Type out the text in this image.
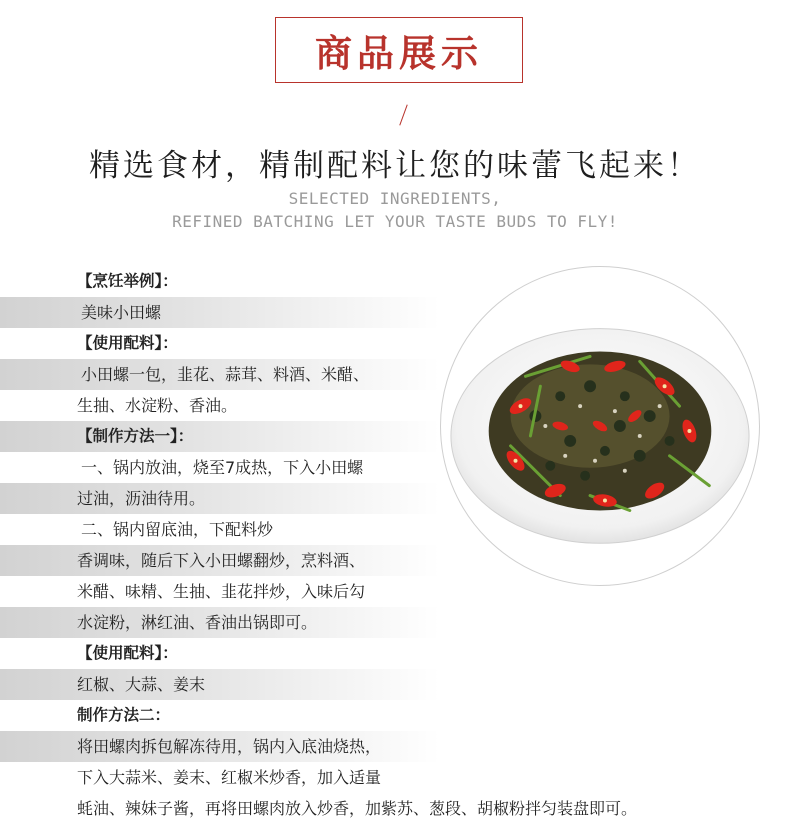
商品展示
精选食材，精制配料让您的味蕾飞起来！
SELECTED INGREDIENTS,
REFINED BATCHING LET YOUR TASTE BUDS TO FLY!
【烹饪举例】：
美味小田螺
【使用配料】：
小田螺一包，韭花、蒜茸、料酒、米醋、
生抽、水淀粉、香油。
【制作方法一】：
一、锅内放油，烧至7成热，下入小田螺
过油，沥油待用。
二、锅内留底油，下配料炒
香调味，随后下入小田螺翻炒，烹料酒、
米醋、味精、生抽、韭花拌炒，入味后勾
水淀粉，淋红油、香油出锅即可。
【使用配料】：
红椒、大蒜、姜末
制作方法二：
将田螺肉拆包解冻待用，锅内入底油烧热，
下入大蒜米、姜末、红椒米炒香，加入适量
蚝油、辣妹子酱，再将田螺肉放入炒香，加紫苏、葱段、胡椒粉拌匀装盘即可。
